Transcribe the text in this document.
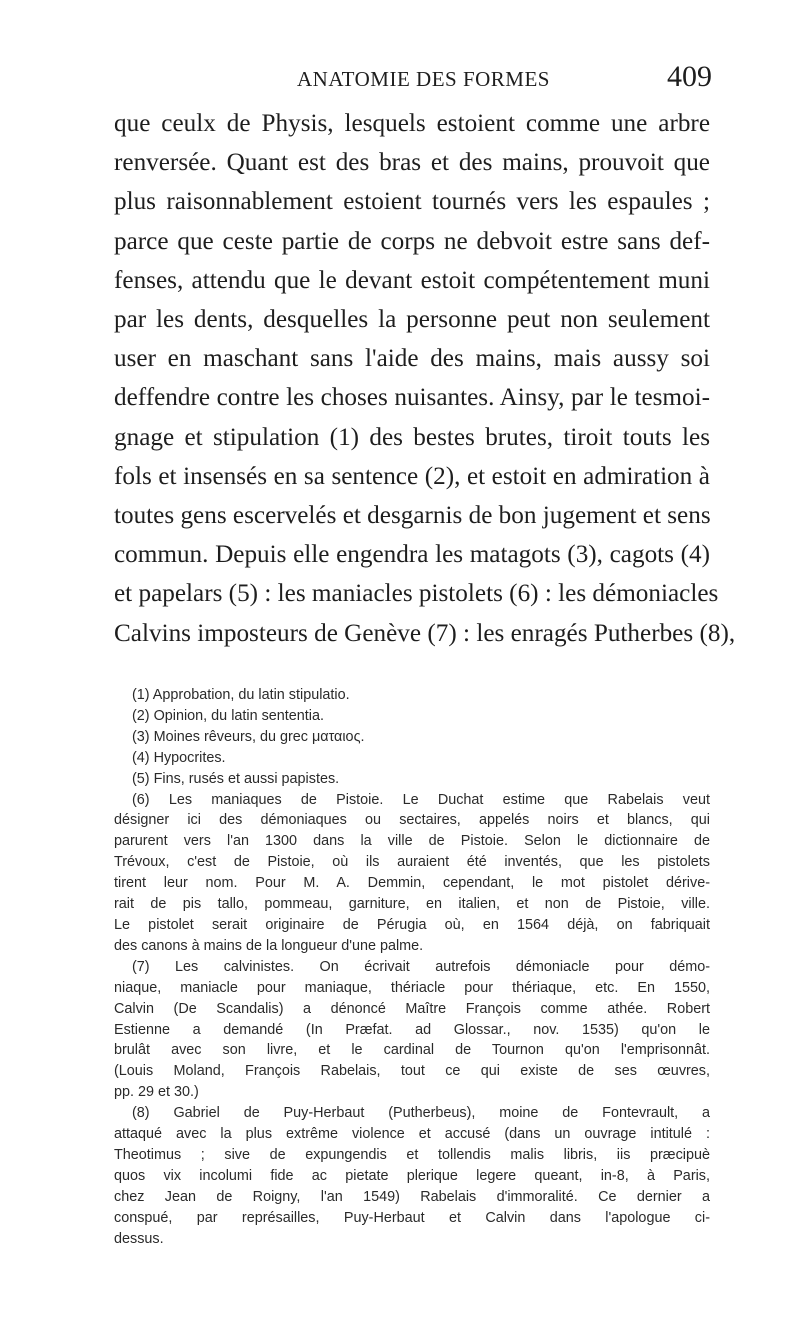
ANATOMIE DES FORMES	409
que ceulx de Physis, lesquels estoient comme une arbre
renversée. Quant est des bras et des mains, prouvoit que
plus raisonnablement estoient tournés vers les espaules ;
parce que ceste partie de corps ne debvoit estre sans def-
fenses, attendu que le devant estoit compétentement muni
par les dents, desquelles la personne peut non seulement
user en maschant sans l'aide des mains, mais aussy soi
deffendre contre les choses nuisantes. Ainsy, par le tesmoi-
gnage et stipulation (1) des bestes brutes, tiroit touts les
fols et insensés en sa sentence (2), et estoit en admiration à
toutes gens escervelés et desgarnis de bon jugement et sens
commun. Depuis elle engendra les matagots (3), cagots (4)
et papelars (5) : les maniacles pistolets (6) : les démoniacles
Calvins imposteurs de Genève (7) : les enragés Putherbes (8),
(1) Approbation, du latin stipulatio.
(2) Opinion, du latin sententia.
(3) Moines rêveurs, du grec ματαιος.
(4) Hypocrites.
(5) Fins, rusés et aussi papistes.
(6) Les maniaques de Pistoie. Le Duchat estime que Rabelais veut
désigner ici des démoniaques ou sectaires, appelés noirs et blancs, qui
parurent vers l'an 1300 dans la ville de Pistoie. Selon le dictionnaire de
Trévoux, c'est de Pistoie, où ils auraient été inventés, que les pistolets
tirent leur nom. Pour M. A. Demmin, cependant, le mot pistolet dérive-
rait de pis tallo, pommeau, garniture, en italien, et non de Pistoie, ville.
Le pistolet serait originaire de Pérugia où, en 1564 déjà, on fabriquait
des canons à mains de la longueur d'une palme.
(7) Les calvinistes. On écrivait autrefois démoniacle pour démo-
niaque, maniacle pour maniaque, thériacle pour thériaque, etc. En 1550,
Calvin (De Scandalis) a dénoncé Maître François comme athée. Robert
Estienne a demandé (In Præfat. ad Glossar., nov. 1535) qu'on le
brulât avec son livre, et le cardinal de Tournon qu'on l'emprisonnât.
(Louis Moland, François Rabelais, tout ce qui existe de ses œuvres,
pp. 29 et 30.)
(8) Gabriel de Puy-Herbaut (Putherbeus), moine de Fontevrault, a
attaqué avec la plus extrême violence et accusé (dans un ouvrage intitulé :
Theotimus ; sive de expungendis et tollendis malis libris, iis præcipuè
quos vix incolumi fide ac pietate plerique legere queant, in-8, à Paris,
chez Jean de Roigny, l'an 1549) Rabelais d'immoralité. Ce dernier a
conspué, par représailles, Puy-Herbaut et Calvin dans l'apologue ci-
dessus.
